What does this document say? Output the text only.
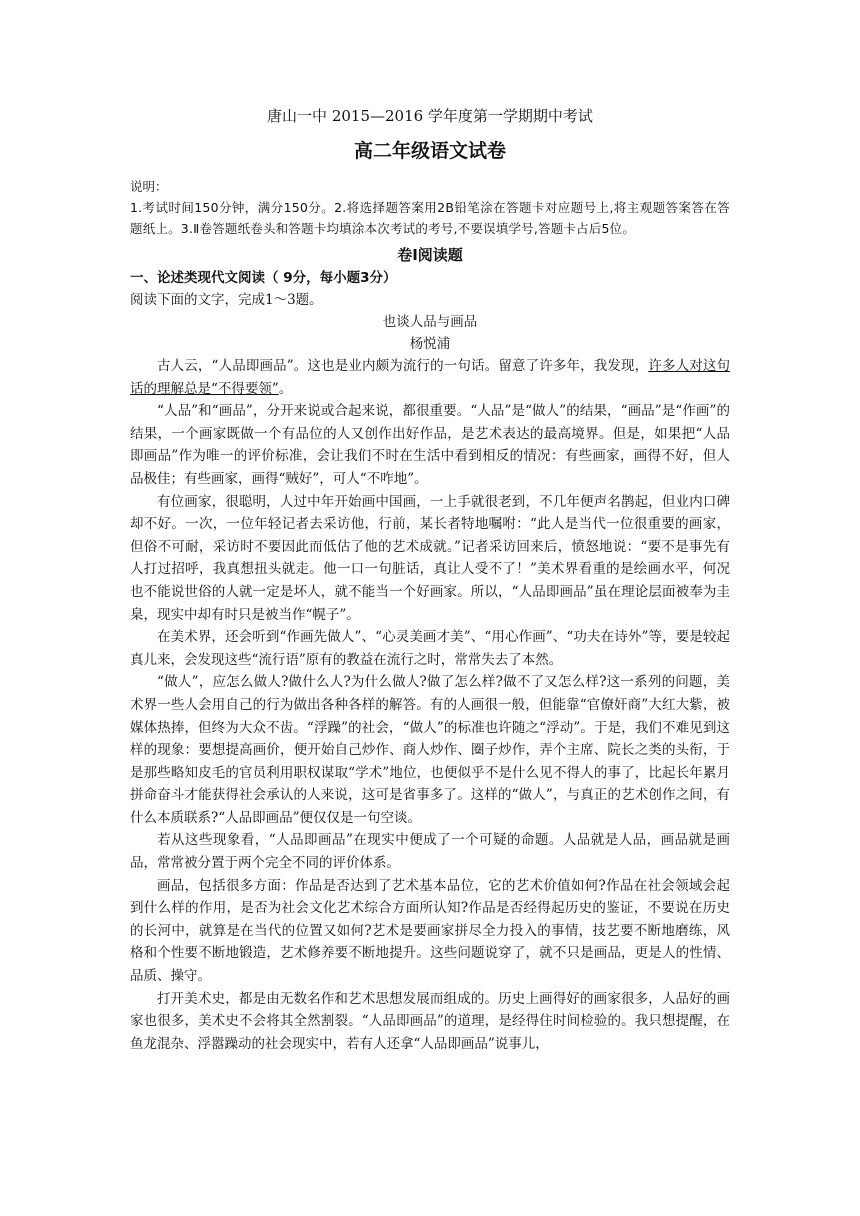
唐山一中 2015—2016 学年度第一学期期中考试
高二年级语文试卷
说明：
1.考试时间150分钟，满分150分。2.将选择题答案用2B铅笔涂在答题卡对应题号上,将主观题答案答在答题纸上。3.Ⅱ卷答题纸卷头和答题卡均填涂本次考试的考号,不要误填学号,答题卡占后5位。
卷Ⅰ阅读题
一、论述类现代文阅读（ 9分，每小题3分）
阅读下面的文字，完成1～3题。
也谈人品与画品
杨悦浦

古人云，“人品即画品”。这也是业内颇为流行的一句话。留意了许多年，我发现，许多人对这句话的理解总是“不得要领”。

“人品”和“画品”，分开来说或合起来说，都很重要。“人品”是“做人”的结果，“画品”是“作画”的结果，一个画家既做一个有品位的人又创作出好作品，是艺术表达的最高境界。但是，如果把“人品即画品”作为唯一的评价标准，会让我们不时在生活中看到相反的情况：有些画家，画得不好，但人品极佳；有些画家，画得“贼好”，可人“不咋地”。

有位画家，很聪明，人过中年开始画中国画，一上手就很老到，不几年便声名鹊起，但业内口碑却不好。一次，一位年轻记者去采访他，行前，某长者特地嘱咐：“此人是当代一位很重要的画家，但俗不可耐，采访时不要因此而低估了他的艺术成就。”记者采访回来后，愤怒地说：“要不是事先有人打过招呼，我真想扭头就走。他一口一句脏话，真让人受不了！”美术界看重的是绘画水平，何况也不能说世俗的人就一定是坏人，就不能当一个好画家。所以，“人品即画品”虽在理论层面被奉为圭臬，现实中却有时只是被当作“幌子”。

在美术界，还会听到“作画先做人”、“心灵美画才美”、“用心作画”、“功夫在诗外”等，要是较起真儿来，会发现这些“流行语”原有的教益在流行之时，常常失去了本然。

“做人”，应怎么做人?做什么人?为什么做人?做了怎么样?做不了又怎么样?这一系列的问题，美术界一些人会用自己的行为做出各种各样的解答。有的人画很一般，但能靠“官僚奸商”大红大紫，被媒体热捧，但终为大众不齿。“浮躁”的社会，“做人”的标准也许随之“浮动”。于是，我们不难见到这样的现象：要想提高画价，便开始自己炒作、商人炒作、圈子炒作，弄个主席、院长之类的头衔，于是那些略知皮毛的官员利用职权谋取“学术”地位，也便似乎不是什么见不得人的事了，比起长年累月拼命奋斗才能获得社会承认的人来说，这可是省事多了。这样的“做人”，与真正的艺术创作之间，有什么本质联系?“人品即画品”便仅仅是一句空谈。

若从这些现象看，“人品即画品”在现实中便成了一个可疑的命题。人品就是人品，画品就是画品，常常被分置于两个完全不同的评价体系。

画品，包括很多方面：作品是否达到了艺术基本品位，它的艺术价值如何?作品在社会领域会起到什么样的作用，是否为社会文化艺术综合方面所认知?作品是否经得起历史的鉴证，不要说在历史的长河中，就算是在当代的位置又如何?艺术是要画家拼尽全力投入的事情，技艺要不断地磨练，风格和个性要不断地锻造，艺术修养要不断地提升。这些问题说穿了，就不只是画品，更是人的性情、品质、操守。

打开美术史，都是由无数名作和艺术思想发展而组成的。历史上画得好的画家很多，人品好的画家也很多，美术史不会将其全然割裂。“人品即画品”的道理，是经得住时间检验的。我只想提醒，在鱼龙混杂、浮嚣躁动的社会现实中，若有人还拿“人品即画品”说事儿，
